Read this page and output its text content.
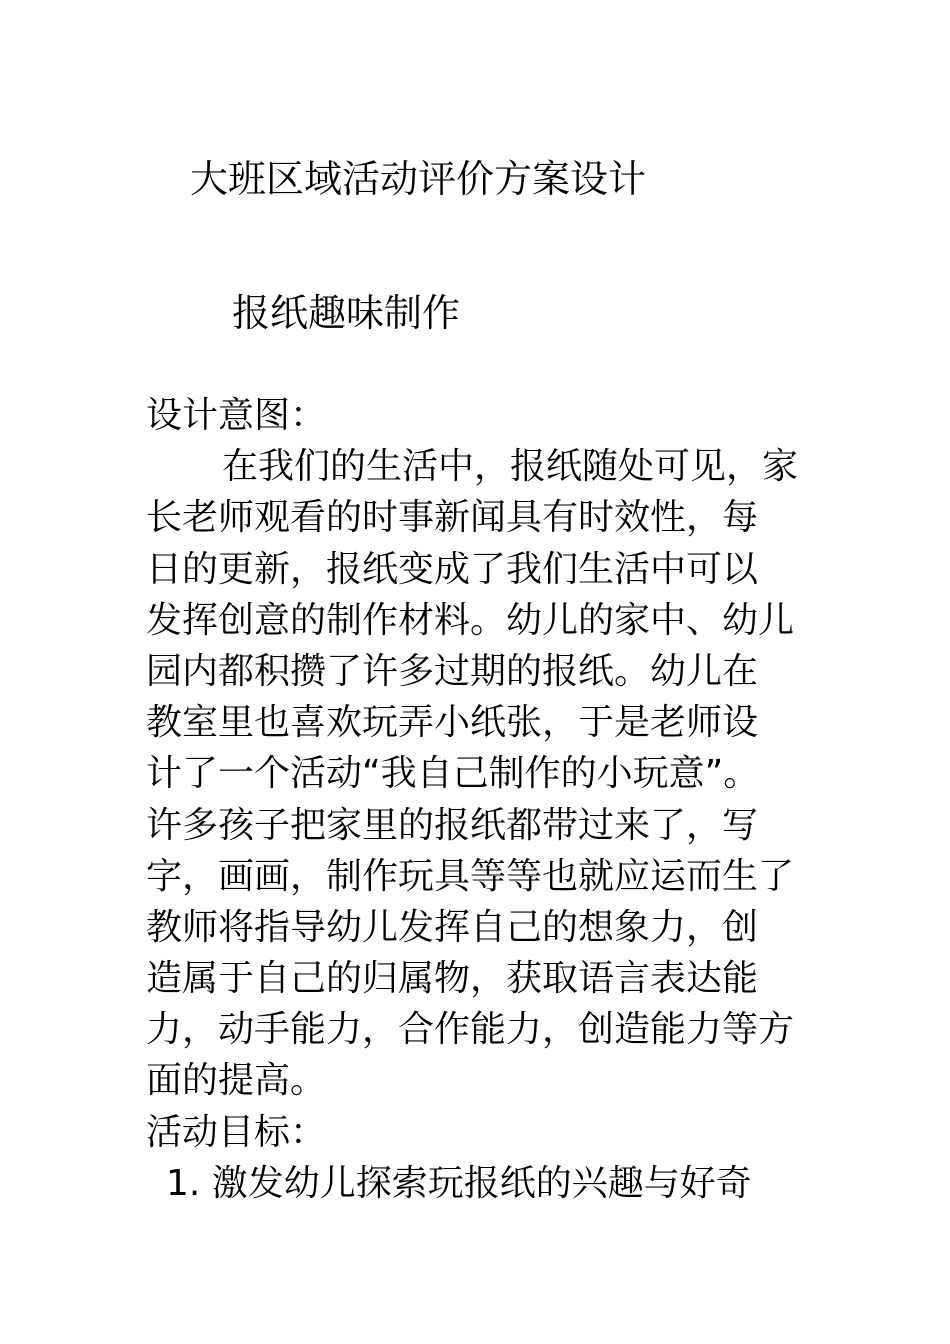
大班区域活动评价方案设计
报纸趣味制作
设计意图：
在我们的生活中，报纸随处可见，家
长老师观看的时事新闻具有时效性，每
日的更新，报纸变成了我们生活中可以
发挥创意的制作材料。幼儿的家中、幼儿
园内都积攒了许多过期的报纸。幼儿在
教室里也喜欢玩弄小纸张，于是老师设
计了一个活动“我自己制作的小玩意”。
许多孩子把家里的报纸都带过来了，写
字，画画，制作玩具等等也就应运而生了
教师将指导幼儿发挥自己的想象力，创
造属于自己的归属物，获取语言表达能
力，动手能力，合作能力，创造能力等方
面的提高。
活动目标：
1. 激发幼儿探索玩报纸的兴趣与好奇
